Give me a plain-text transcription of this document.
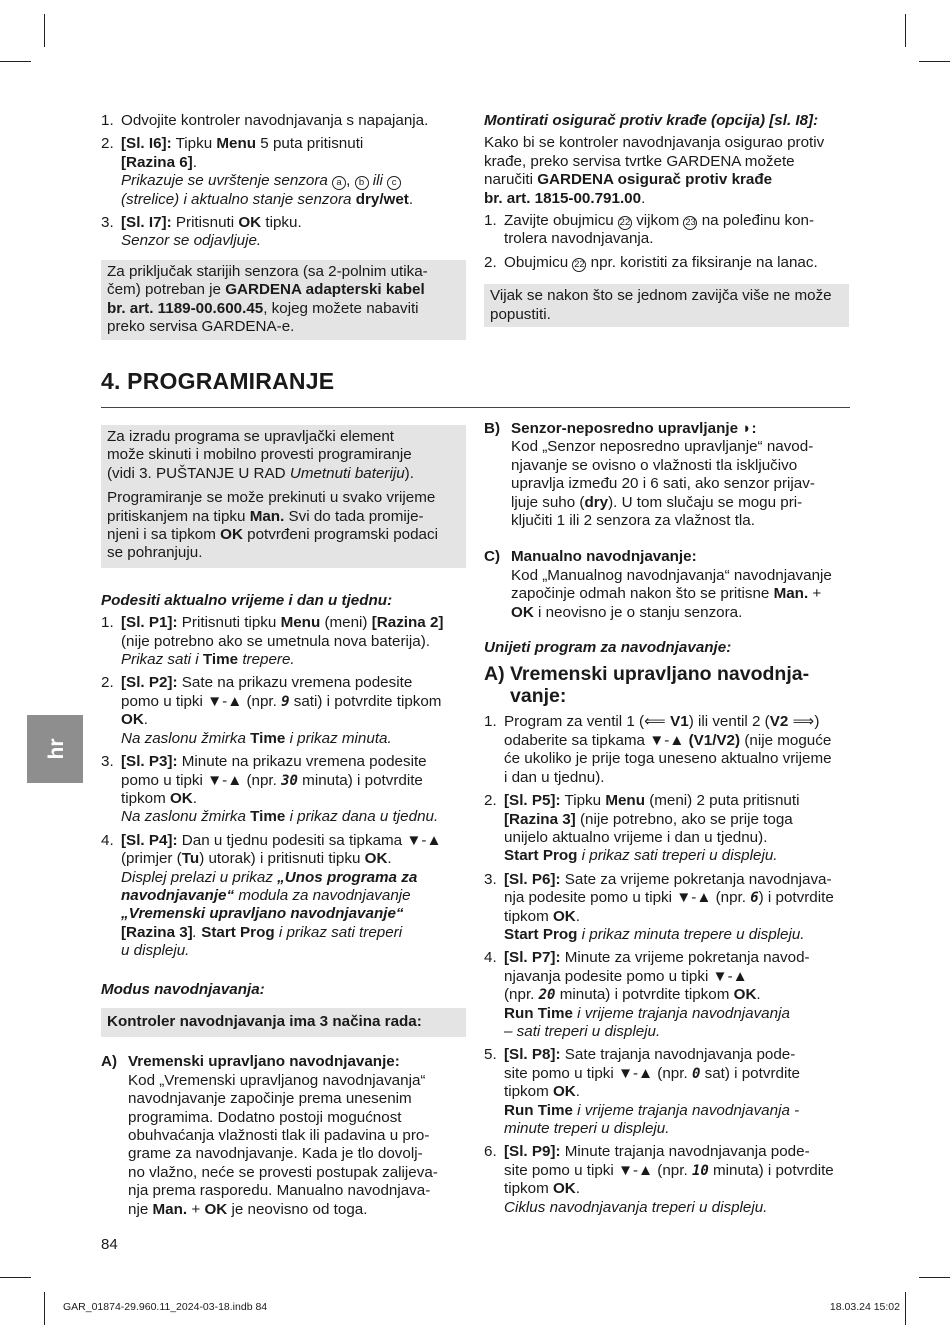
1. Odvojite kontroler navodnjavanja s napajanja.
2. [Sl. I6]: Tipku Menu 5 puta pritisnuti
[Razina 6].
Prikazuje se uvrštenje senzora a , b ili c
(strelice) i aktualno stanje senzora dry/wet.
3. [Sl. I7]: Pritisnuti OK tipku.
Senzor se odjavljuje.

Za priključak starijih senzora (sa 2-polnim utika-
čem) potreban je GARDENA adapterski kabel
br. art. 1189-00.600.45, kojeg možete nabaviti
preko servisa GARDENA-e.

Montirati osigurač protiv krađe (opcija) [sl. I8]:

Kako bi se kontroler navodnjavanja osigurao protiv
krađe, preko servisa tvrtke GARDENA možete
naručiti GARDENA osigurač protiv krađe
br. art. 1815-00.791.00.

1. Zavijte obujmicu 22 vijkom 23 na poleđinu kon-
trolera navodnjavanja.
2. Obujmicu 22 npr. koristiti za fiksiranje na lanac.

Vijak se nakon što se jednom zavijča više ne može popustiti.

4. PROGRAMIRANJE

Za izradu programa se upravljački element
može skinuti i mobilno provesti programiranje
(vidi 3. PUŠTANJE U RAD Umetnuti bateriju).

Programiranje se može prekinuti u svako vrijeme
pritiskanjem na tipku Man. Svi do tada promije-
njeni i sa tipkom OK potvrđeni programski podaci
se pohranjuju.

Podesiti aktualno vrijeme i dan u tjednu:
1. [Sl. P1]: Pritisnuti tipku Menu (meni) [Razina 2]
(nije potrebno ako se umetnula nova baterija).
Prikaz sati i Time trepere.
2. [Sl. P2]: Sate na prikazu vremena podesite
pomo u tipki ▼-▲ (npr. 9 sati) i potvrdite tipkom
OK.
Na zaslonu žmirka Time i prikaz minuta.
3. [Sl. P3]: Minute na prikazu vremena podesite
pomo u tipki ▼-▲ (npr. 30 minuta) i potvrdite
tipkom OK.
Na zaslonu žmirka Time i prikaz dana u tjednu.
4. [Sl. P4]: Dan u tjednu podesiti sa tipkama ▼-▲
(primjer (Tu) utorak) i pritisnuti tipku OK.
Displej prelazi u prikaz „Unos programa za
navodnjavanje“ modula za navodnjavanje
„Vremenski upravljano navodnjavanje“
[Razina 3]. Start Prog i prikaz sati treperi
u displeju.
Modus navodnjavanja:
Kontroler navodnjavanja ima 3 načina rada:
A) Vremenski upravljano navodnjavanje:
Kod „Vremenski upravljanog navodnjavanja“
navodnjavanje započinje prema unesenim
programima. Dodatno postoji mogućnost
obuhvaćanja vlažnosti tlak ili padavina u pro-
grame za navodnjavanje. Kada je tlo dovolj-
no vlažno, neće se provesti postupak zalijeva-
nja prema rasporedu. Manualno navodnjava-
nje Man. + OK je neovisno od toga.
B) Senzor-neposredno upravljanje ◗:
Kod „Senzor neposredno upravljanje“ navod-
njavanje se ovisno o vlažnosti tla isključivo
upravlja između 20 i 6 sati, ako senzor prijav-
ljuje suho (dry). U tom slučaju se mogu pri-
ključiti 1 ili 2 senzora za vlažnost tla.
C) Manualno navodnjavanje:
Kod „Manualnog navodnjavanja“ navodnjavanje
započinje odmah nakon što se pritisne Man. +
OK i neovisno je o stanju senzora.
Unijeti program za navodnjavanje:
A) Vremenski upravljano navodnja-
vanje:
1. Program za ventil 1 (⟸ V1) ili ventil 2 (V2 ⟹)
odaberite sa tipkama ▼-▲ (V1/V2) (nije moguće
će ukoliko je prije toga uneseno aktualno vrijeme
i dan u tjednu).
2. [Sl. P5]: Tipku Menu (meni) 2 puta pritisnuti
[Razina 3] (nije potrebno, ako se prije toga
unijelo aktualno vrijeme i dan u tjednu).
Start Prog i prikaz sati treperi u displeju.
3. [Sl. P6]: Sate za vrijeme pokretanja navodnjava-
nja podesite pomo u tipki ▼-▲ (npr. 6) i potvrdite
tipkom OK.
Start Prog i prikaz minuta trepere u displeju.
4. [Sl. P7]: Minute za vrijeme pokretanja navod-
njavanja podesite pomo u tipki ▼-▲
(npr. 20 minuta) i potvrdite tipkom OK.
Run Time i vrijeme trajanja navodnjavanja
– sati treperi u displeju.
5. [Sl. P8]: Sate trajanja navodnjavanja pode-
site pomo u tipki ▼-▲ (npr. 0 sat) i potvrdite
tipkom OK.
Run Time i vrijeme trajanja navodnjavanja -
minute treperi u displeju.
6. [Sl. P9]: Minute trajanja navodnjavanja pode-
site pomo u tipki ▼-▲ (npr. 10 minuta) i potvrdite
tipkom OK.
Ciklus navodnjavanja treperi u displeju.
hr
84
GAR_01874-29.960.11_2024-03-18.indb 84	18.03.24 15:02
